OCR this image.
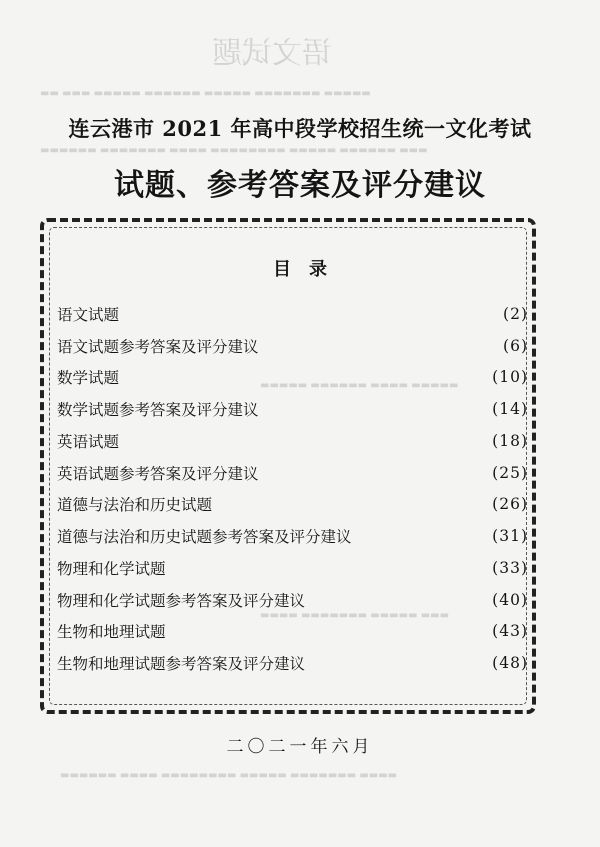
语文试题
▬▬ ▬▬▬ ▬▬▬▬▬ ▬▬▬▬▬▬ ▬▬▬▬▬ ▬▬▬▬▬▬▬ ▬▬▬▬▬
▬▬▬▬▬▬ ▬▬▬▬▬▬▬ ▬▬▬▬ ▬▬▬▬▬▬▬▬ ▬▬▬▬▬ ▬▬▬▬▬▬ ▬▬▬
▬▬▬▬▬ ▬▬▬▬▬▬ ▬▬▬▬ ▬▬▬▬▬
▬▬▬▬ ▬▬▬▬▬▬▬ ▬▬▬▬▬ ▬▬▬
▬▬▬▬▬▬ ▬▬▬▬ ▬▬▬▬▬▬▬▬ ▬▬▬▬▬ ▬▬▬▬▬▬▬ ▬▬▬▬
连云港市 2021 年高中段学校招生统一文化考试
试题、参考答案及评分建议
目录
语文试题	(2)
语文试题参考答案及评分建议	(6)
数学试题	(10)
数学试题参考答案及评分建议	(14)
英语试题	(18)
英语试题参考答案及评分建议	(25)
道德与法治和历史试题	(26)
道德与法治和历史试题参考答案及评分建议	(31)
物理和化学试题	(33)
物理和化学试题参考答案及评分建议	(40)
生物和地理试题	(43)
生物和地理试题参考答案及评分建议	(48)
二〇二一年六月
